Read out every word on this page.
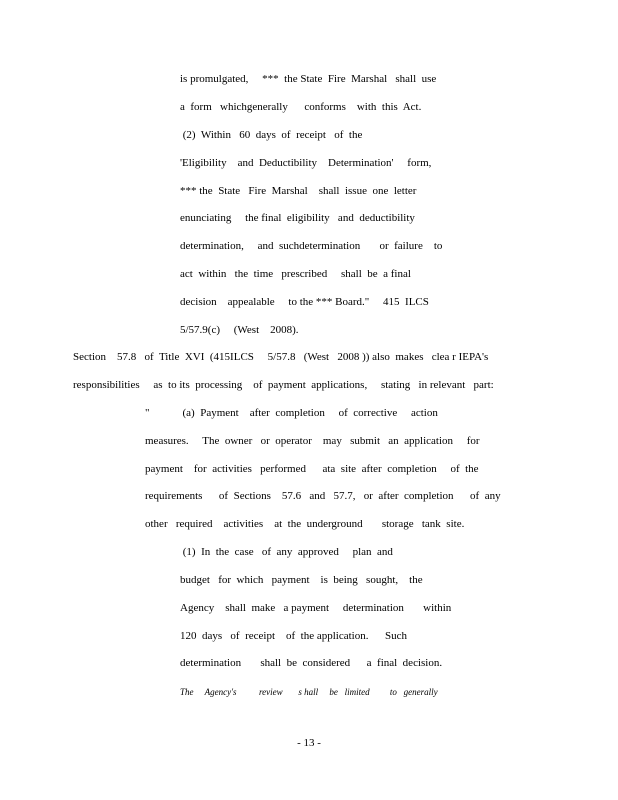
is promulgated,     ***  the State  Fire  Marshal   shall  use
a  form   whichgenerally      conforms    with  this  Act.
(2)  Within   60  days  of  receipt   of  the
'Eligibility    and  Deductibility    Determination'     form,
*** the  State   Fire  Marshal    shall  issue  one  letter
enunciating     the final  eligibility   and  deductibility
determination,     and  suchdetermination       or  failure    to
act  within   the  time   prescribed     shall  be  a final
decision    appealable     to the *** Board."     415  ILCS
5/57.9(c)     (West    2008).
Section    57.8   of  Title  XVI  (415ILCS     5/57.8   (West   2008 )) also  makes   clea r IEPA's
responsibilities     as  to its  processing    of  payment  applications,     stating   in relevant   part:
"            (a)  Payment    after  completion     of  corrective     action
measures.     The  owner   or  operator    may   submit   an  application     for
payment    for  activities   performed      ata  site  after  completion     of  the
requirements      of  Sections    57.6   and   57.7,   or  after  completion      of  any
other   required    activities    at  the  underground       storage   tank  site.
(1)  In  the  case   of  any  approved     plan  and
budget   for  which   payment    is  being   sought,    the
Agency    shall  make   a payment     determination       within
120  days   of  receipt    of  the application.      Such
determination       shall  be  considered      a  final  decision.
The     Agency's          review       s hall     be   limited         to   generally
- 13 -
